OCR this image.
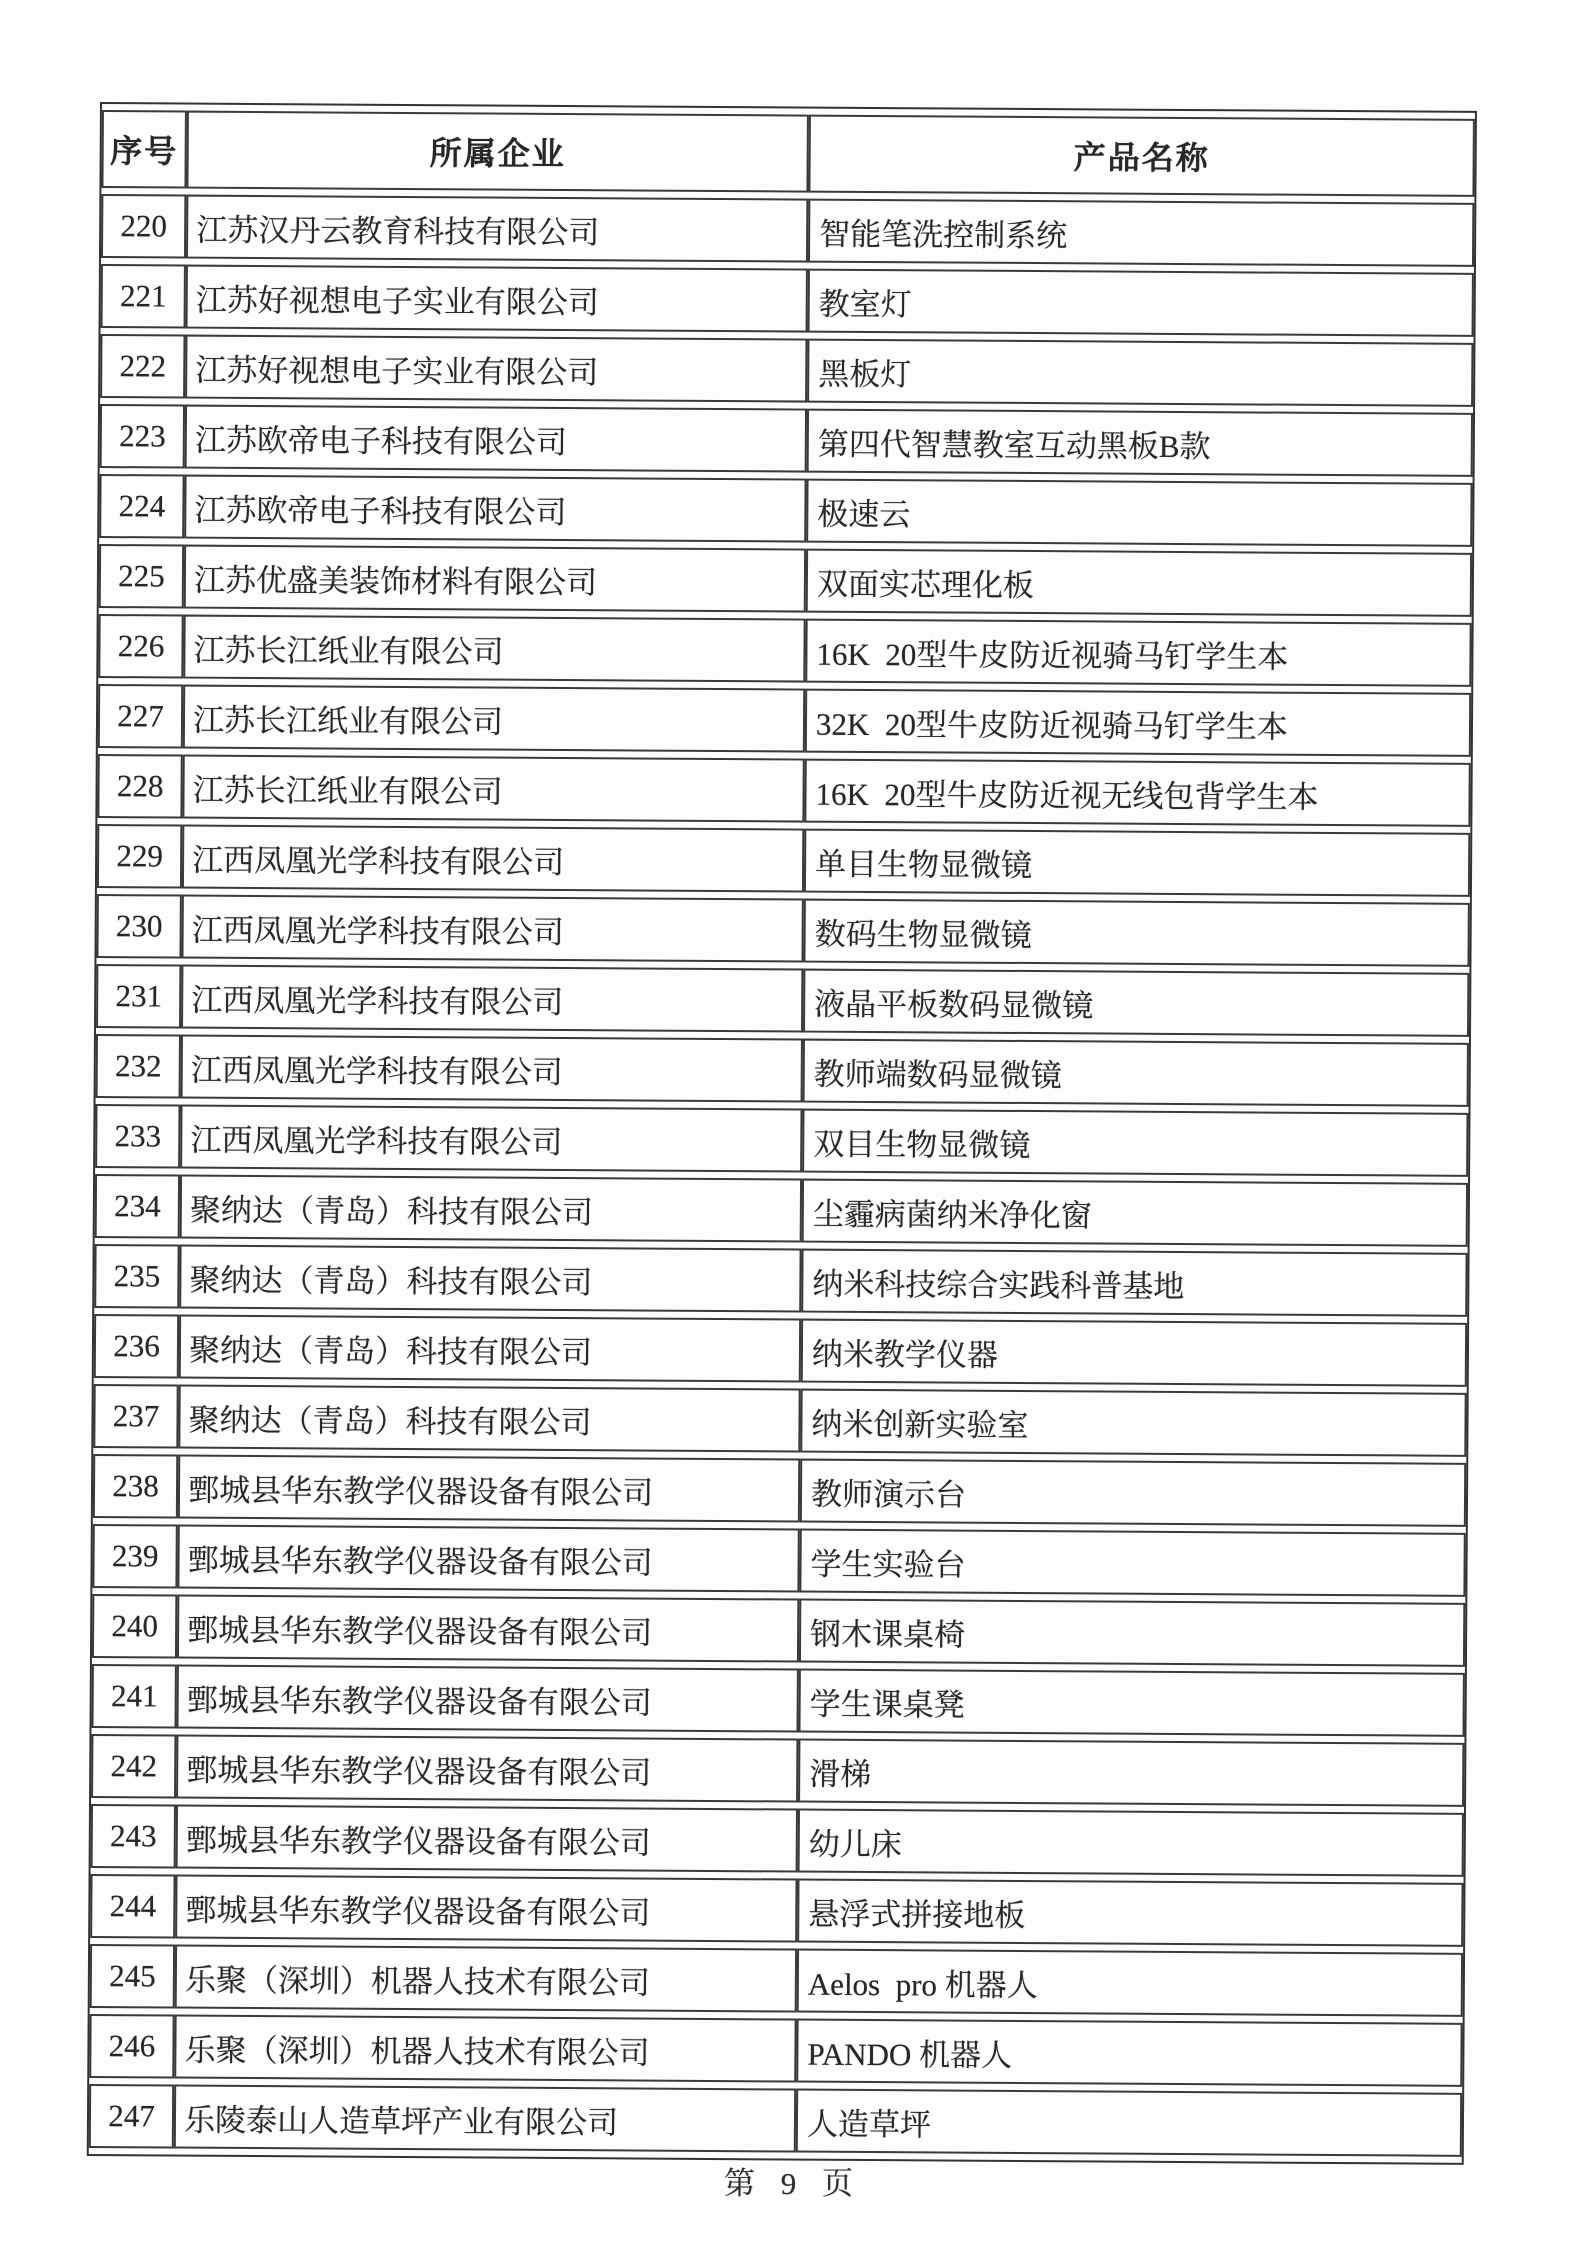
序号	所属企业	产品名称
220	江苏汉丹云教育科技有限公司	智能笔洗控制系统
221	江苏好视想电子实业有限公司	教室灯
222	江苏好视想电子实业有限公司	黑板灯
223	江苏欧帝电子科技有限公司	第四代智慧教室互动黑板B款
224	江苏欧帝电子科技有限公司	极速云
225	江苏优盛美装饰材料有限公司	双面实芯理化板
226	江苏长江纸业有限公司	16K  20型牛皮防近视骑马钉学生本
227	江苏长江纸业有限公司	32K  20型牛皮防近视骑马钉学生本
228	江苏长江纸业有限公司	16K  20型牛皮防近视无线包背学生本
229	江西凤凰光学科技有限公司	单目生物显微镜
230	江西凤凰光学科技有限公司	数码生物显微镜
231	江西凤凰光学科技有限公司	液晶平板数码显微镜
232	江西凤凰光学科技有限公司	教师端数码显微镜
233	江西凤凰光学科技有限公司	双目生物显微镜
234	聚纳达（青岛）科技有限公司	尘霾病菌纳米净化窗
235	聚纳达（青岛）科技有限公司	纳米科技综合实践科普基地
236	聚纳达（青岛）科技有限公司	纳米教学仪器
237	聚纳达（青岛）科技有限公司	纳米创新实验室
238	鄄城县华东教学仪器设备有限公司	教师演示台
239	鄄城县华东教学仪器设备有限公司	学生实验台
240	鄄城县华东教学仪器设备有限公司	钢木课桌椅
241	鄄城县华东教学仪器设备有限公司	学生课桌凳
242	鄄城县华东教学仪器设备有限公司	滑梯
243	鄄城县华东教学仪器设备有限公司	幼儿床
244	鄄城县华东教学仪器设备有限公司	悬浮式拼接地板
245	乐聚（深圳）机器人技术有限公司	Aelos  pro 机器人
246	乐聚（深圳）机器人技术有限公司	PANDO 机器人
247	乐陵泰山人造草坪产业有限公司	人造草坪
第 9 页
